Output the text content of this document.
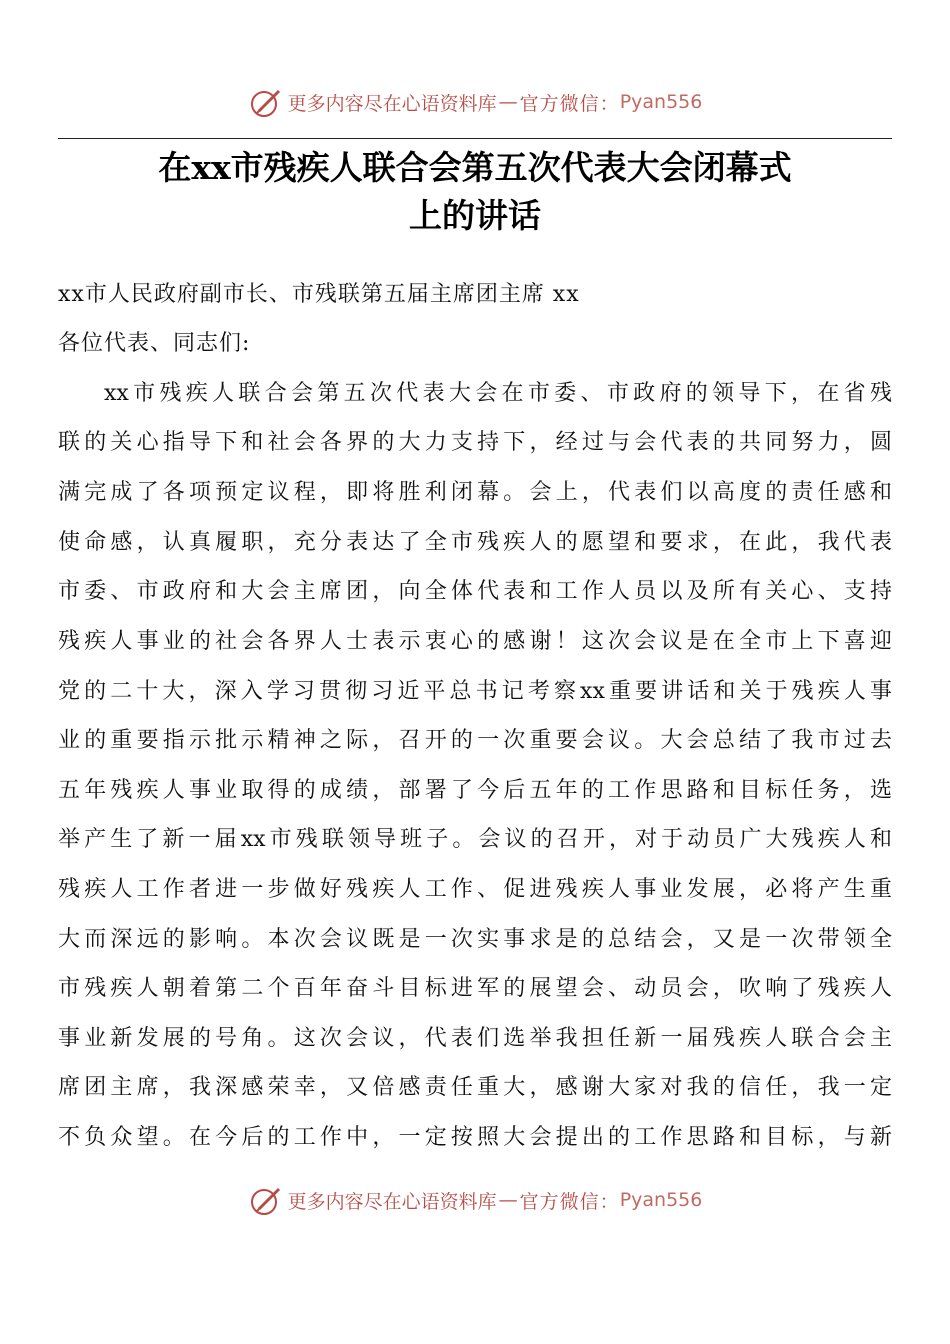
更多内容尽在心语资料库 — 官方微信： Pyan556
在xx市残疾人联合会第五次代表大会闭幕式
上的讲话
xx市人民政府副市长、市残联第五届主席团主席 xx
各位代表、同志们:
xx市残疾人联合会第五次代表大会在市委、市政府的领导下，在省残
联的关心指导下和社会各界的大力支持下，经过与会代表的共同努力，圆
满完成了各项预定议程，即将胜利闭幕。会上，代表们以高度的责任感和
使命感，认真履职，充分表达了全市残疾人的愿望和要求，在此，我代表
市委、市政府和大会主席团，向全体代表和工作人员以及所有关心、支持
残疾人事业的社会各界人士表示衷心的感谢！这次会议是在全市上下喜迎
党的二十大，深入学习贯彻习近平总书记考察xx重要讲话和关于残疾人事
业的重要指示批示精神之际，召开的一次重要会议。大会总结了我市过去
五年残疾人事业取得的成绩，部署了今后五年的工作思路和目标任务，选
举产生了新一届xx市残联领导班子。会议的召开，对于动员广大残疾人和
残疾人工作者进一步做好残疾人工作、促进残疾人事业发展，必将产生重
大而深远的影响。本次会议既是一次实事求是的总结会，又是一次带领全
市残疾人朝着第二个百年奋斗目标进军的展望会、动员会，吹响了残疾人
事业新发展的号角。这次会议，代表们选举我担任新一届残疾人联合会主
席团主席，我深感荣幸，又倍感责任重大，感谢大家对我的信任，我一定
不负众望。在今后的工作中，一定按照大会提出的工作思路和目标，与新
更多内容尽在心语资料库 — 官方微信： Pyan556
